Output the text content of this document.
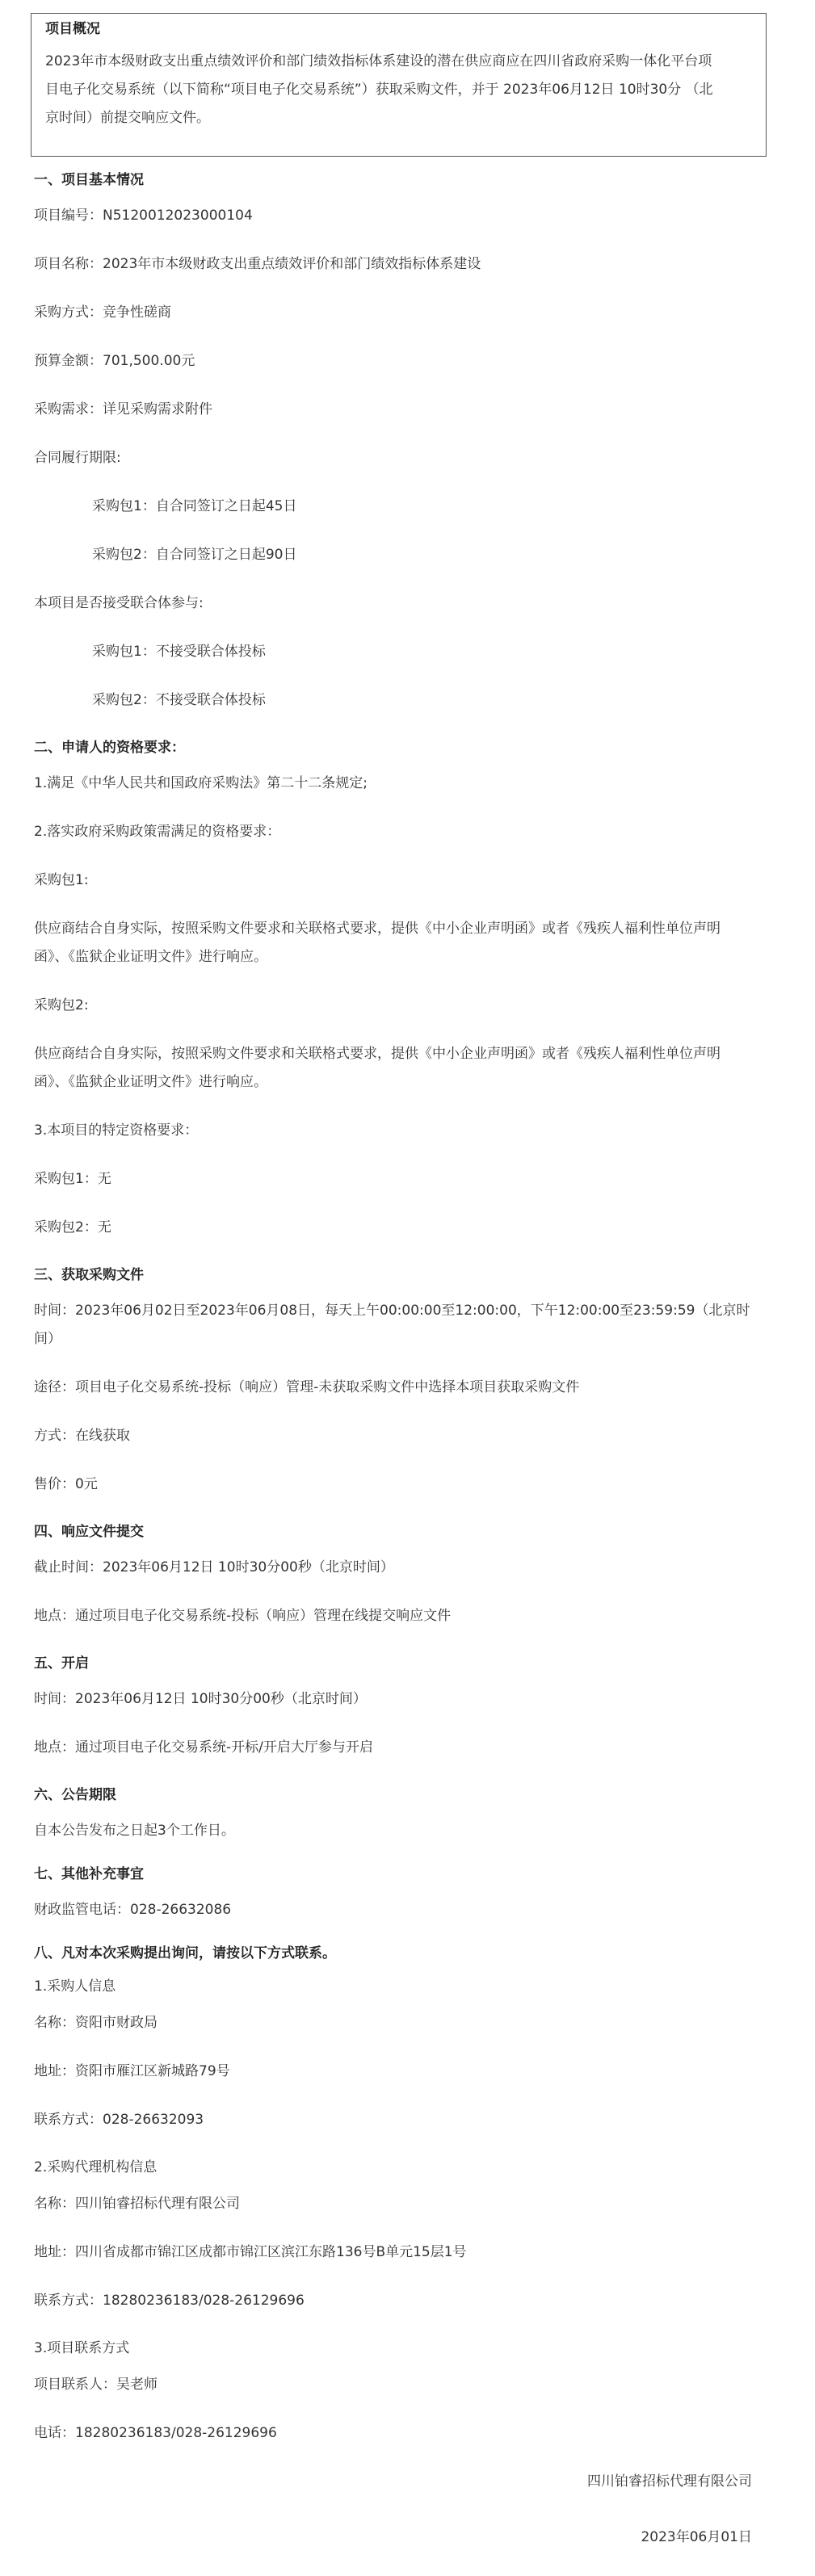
项目概况
2023年市本级财政支出重点绩效评价和部门绩效指标体系建设的潜在供应商应在四川省政府采购一体化平台项
目电子化交易系统（以下简称“项目电子化交易系统”）获取采购文件，并于 2023年06月12日 10时30分 （北
京时间）前提交响应文件。
一、项目基本情况
项目编号：N5120012023000104
项目名称：2023年市本级财政支出重点绩效评价和部门绩效指标体系建设
采购方式：竞争性磋商
预算金额：701,500.00元
采购需求：详见采购需求附件
合同履行期限:
采购包1：自合同签订之日起45日
采购包2：自合同签订之日起90日
本项目是否接受联合体参与:
采购包1：不接受联合体投标
采购包2：不接受联合体投标
二、申请人的资格要求：
1.满足《中华人民共和国政府采购法》第二十二条规定;
2.落实政府采购政策需满足的资格要求：
采购包1:
供应商结合自身实际，按照采购文件要求和关联格式要求，提供《中小企业声明函》或者《残疾人福利性单位声明
函》、《监狱企业证明文件》进行响应。
采购包2:
供应商结合自身实际，按照采购文件要求和关联格式要求，提供《中小企业声明函》或者《残疾人福利性单位声明
函》、《监狱企业证明文件》进行响应。
3.本项目的特定资格要求：
采购包1：无
采购包2：无
三、获取采购文件
时间：2023年06月02日至2023年06月08日，每天上午00:00:00至12:00:00，下午12:00:00至23:59:59（北京时
间）
途径：项目电子化交易系统-投标（响应）管理-未获取采购文件中选择本项目获取采购文件
方式：在线获取
售价：0元
四、响应文件提交
截止时间：2023年06月12日 10时30分00秒（北京时间）
地点：通过项目电子化交易系统-投标（响应）管理在线提交响应文件
五、开启
时间：2023年06月12日 10时30分00秒（北京时间）
地点：通过项目电子化交易系统-开标/开启大厅参与开启
六、公告期限
自本公告发布之日起3个工作日。
七、其他补充事宜
财政监管电话：028-26632086
八、凡对本次采购提出询问，请按以下方式联系。
1.采购人信息
名称：资阳市财政局
地址：资阳市雁江区新城路79号
联系方式：028-26632093
2.采购代理机构信息
名称：四川铂睿招标代理有限公司
地址：四川省成都市锦江区成都市锦江区滨江东路136号B单元15层1号
联系方式：18280236183/028-26129696
3.项目联系方式
项目联系人：吴老师
电话：18280236183/028-26129696
四川铂睿招标代理有限公司
2023年06月01日
